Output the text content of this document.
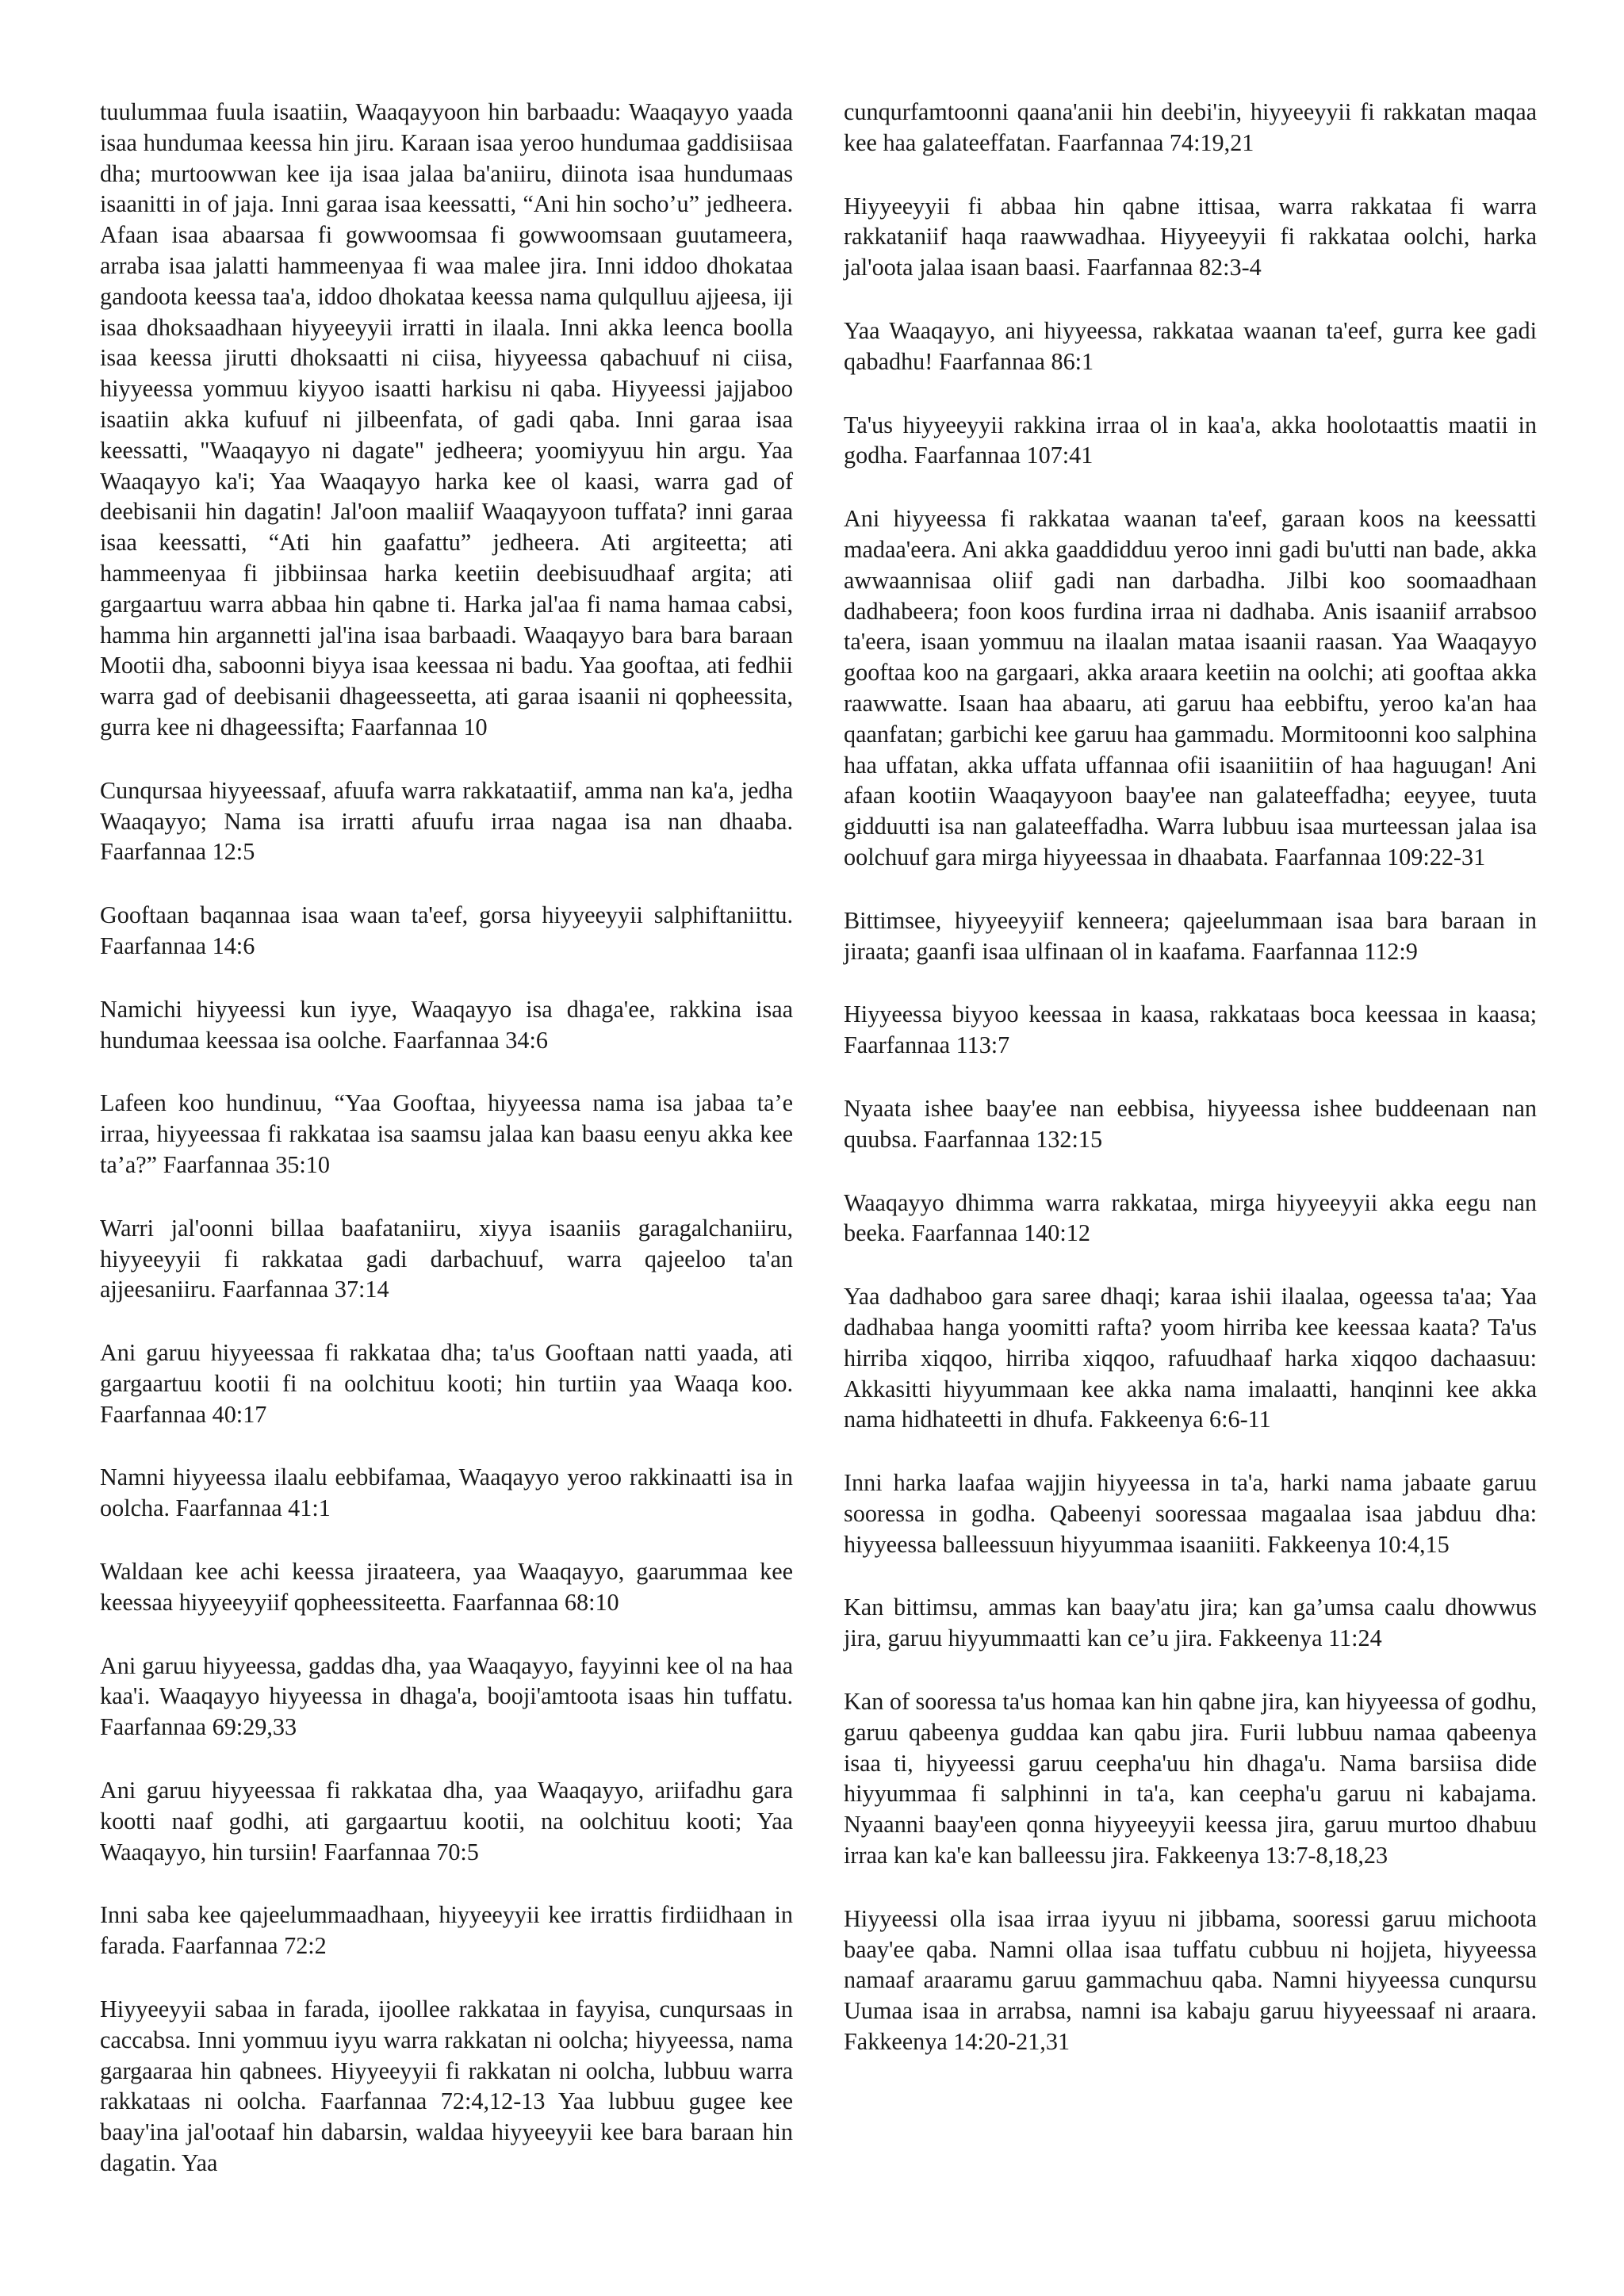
tuulummaa fuula isaatiin, Waaqayyoon hin barbaadu: Waaqayyo yaada isaa hundumaa keessa hin jiru. Karaan isaa yeroo hundumaa gaddisiisaa dha; murtoowwan kee ija isaa jalaa ba'aniiru, diinota isaa hundumaas isaanitti in of jaja. Inni garaa isaa keessatti, “Ani hin socho’u” jedheera. Afaan isaa abaarsaa fi gowwoomsaa fi gowwoomsaan guutameera, arraba isaa jalatti hammeenyaa fi waa malee jira. Inni iddoo dhokataa gandoota keessa taa'a, iddoo dhokataa keessa nama qulqulluu ajjeesa, iji isaa dhoksaadhaan hiyyeeyyii irratti in ilaala. Inni akka leenca boolla isaa keessa jirutti dhoksaatti ni ciisa, hiyyeessa qabachuuf ni ciisa, hiyyeessa yommuu kiyyoo isaatti harkisu ni qaba. Hiyyeessi jajjaboo isaatiin akka kufuuf ni jilbeenfata, of gadi qaba. Inni garaa isaa keessatti, "Waaqayyo ni dagate" jedheera; yoomiyyuu hin argu. Yaa Waaqayyo ka'i; Yaa Waaqayyo harka kee ol kaasi, warra gad of deebisanii hin dagatin! Jal'oon maaliif Waaqayyoon tuffata? inni garaa isaa keessatti, “Ati hin gaafattu” jedheera. Ati argiteetta; ati hammeenyaa fi jibbiinsaa harka keetiin deebisuudhaaf argita; ati gargaartuu warra abbaa hin qabne ti. Harka jal'aa fi nama hamaa cabsi, hamma hin argannetti jal'ina isaa barbaadi. Waaqayyo bara bara baraan Mootii dha, saboonni biyya isaa keessaa ni badu. Yaa gooftaa, ati fedhii warra gad of deebisanii dhageesseetta, ati garaa isaanii ni qopheessita, gurra kee ni dhageessifta; Faarfannaa 10

Cunqursaa hiyyeessaaf, afuufa warra rakkataatiif, amma nan ka'a, jedha Waaqayyo; Nama isa irratti afuufu irraa nagaa isa nan dhaaba. Faarfannaa 12:5

Gooftaan baqannaa isaa waan ta'eef, gorsa hiyyeeyyii salphiftaniittu. Faarfannaa 14:6

Namichi hiyyeessi kun iyye, Waaqayyo isa dhaga'ee, rakkina isaa hundumaa keessaa isa oolche. Faarfannaa 34:6

Lafeen koo hundinuu, “Yaa Gooftaa, hiyyeessa nama isa jabaa ta’e irraa, hiyyeessaa fi rakkataa isa saamsu jalaa kan baasu eenyu akka kee ta’a?” Faarfannaa 35:10

Warri jal'oonni billaa baafataniiru, xiyya isaaniis garagalchaniiru, hiyyeeyyii fi rakkataa gadi darbachuuf, warra qajeeloo ta'an ajjeesaniiru. Faarfannaa 37:14

Ani garuu hiyyeessaa fi rakkataa dha; ta'us Gooftaan natti yaada, ati gargaartuu kootii fi na oolchituu kooti; hin turtiin yaa Waaqa koo. Faarfannaa 40:17

Namni hiyyeessa ilaalu eebbifamaa, Waaqayyo yeroo rakkinaatti isa in oolcha. Faarfannaa 41:1

Waldaan kee achi keessa jiraateera, yaa Waaqayyo, gaarummaa kee keessaa hiyyeeyyiif qopheessiteetta. Faarfannaa 68:10

Ani garuu hiyyeessa, gaddas dha, yaa Waaqayyo, fayyinni kee ol na haa kaa'i. Waaqayyo hiyyeessa in dhaga'a, booji'amtoota isaas hin tuffatu. Faarfannaa 69:29,33

Ani garuu hiyyeessaa fi rakkataa dha, yaa Waaqayyo, ariifadhu gara kootti naaf godhi, ati gargaartuu kootii, na oolchituu kooti; Yaa Waaqayyo, hin tursiin! Faarfannaa 70:5

Inni saba kee qajeelummaadhaan, hiyyeeyyii kee irrattis firdiidhaan in farada. Faarfannaa 72:2

Hiyyeeyyii sabaa in farada, ijoollee rakkataa in fayyisa, cunqursaas in caccabsa. Inni yommuu iyyu warra rakkatan ni oolcha; hiyyeessa, nama gargaaraa hin qabnees. Hiyyeeyyii fi rakkatan ni oolcha, lubbuu warra rakkataas ni oolcha. Faarfannaa 72:4,12-13 Yaa lubbuu gugee kee baay'ina jal'ootaaf hin dabarsin, waldaa hiyyeeyyii kee bara baraan hin dagatin. Yaa

cunqurfamtoonni qaana'anii hin deebi'in, hiyyeeyyii fi rakkatan maqaa kee haa galateeffatan. Faarfannaa 74:19,21

Hiyyeeyyii fi abbaa hin qabne ittisaa, warra rakkataa fi warra rakkataniif haqa raawwadhaa. Hiyyeeyyii fi rakkataa oolchi, harka jal'oota jalaa isaan baasi. Faarfannaa 82:3-4

Yaa Waaqayyo, ani hiyyeessa, rakkataa waanan ta'eef, gurra kee gadi qabadhu! Faarfannaa 86:1

Ta'us hiyyeeyyii rakkina irraa ol in kaa'a, akka hoolotaattis maatii in godha. Faarfannaa 107:41

Ani hiyyeessa fi rakkataa waanan ta'eef, garaan koos na keessatti madaa'eera. Ani akka gaaddidduu yeroo inni gadi bu'utti nan bade, akka awwaannisaa oliif gadi nan darbadha. Jilbi koo soomaadhaan dadhabeera; foon koos furdina irraa ni dadhaba. Anis isaaniif arrabsoo ta'eera, isaan yommuu na ilaalan mataa isaanii raasan. Yaa Waaqayyo gooftaa koo na gargaari, akka araara keetiin na oolchi; ati gooftaa akka raawwatte. Isaan haa abaaru, ati garuu haa eebbiftu, yeroo ka'an haa qaanfatan; garbichi kee garuu haa gammadu. Mormitoonni koo salphina haa uffatan, akka uffata uffannaa ofii isaaniitiin of haa haguugan! Ani afaan kootiin Waaqayyoon baay'ee nan galateeffadha; eeyyee, tuuta gidduutti isa nan galateeffadha. Warra lubbuu isaa murteessan jalaa isa oolchuuf gara mirga hiyyeessaa in dhaabata. Faarfannaa 109:22-31

Bittimsee, hiyyeeyyiif kenneera; qajeelummaan isaa bara baraan in jiraata; gaanfi isaa ulfinaan ol in kaafama. Faarfannaa 112:9

Hiyyeessa biyyoo keessaa in kaasa, rakkataas boca keessaa in kaasa; Faarfannaa 113:7

Nyaata ishee baay'ee nan eebbisa, hiyyeessa ishee buddeenaan nan quubsa. Faarfannaa 132:15

Waaqayyo dhimma warra rakkataa, mirga hiyyeeyyii akka eegu nan beeka. Faarfannaa 140:12

Yaa dadhaboo gara saree dhaqi; karaa ishii ilaalaa, ogeessa ta'aa; Yaa dadhabaa hanga yoomitti rafta? yoom hirriba kee keessaa kaata? Ta'us hirriba xiqqoo, hirriba xiqqoo, rafuudhaaf harka xiqqoo dachaasuu: Akkasitti hiyyummaan kee akka nama imalaatti, hanqinni kee akka nama hidhateetti in dhufa. Fakkeenya 6:6-11

Inni harka laafaa wajjin hiyyeessa in ta'a, harki nama jabaate garuu sooressa in godha. Qabeenyi sooressaa magaalaa isaa jabduu dha: hiyyeessa balleessuun hiyyummaa isaaniiti. Fakkeenya 10:4,15

Kan bittimsu, ammas kan baay'atu jira; kan ga’umsa caalu dhowwus jira, garuu hiyyummaatti kan ce’u jira. Fakkeenya 11:24

Kan of sooressa ta'us homaa kan hin qabne jira, kan hiyyeessa of godhu, garuu qabeenya guddaa kan qabu jira. Furii lubbuu namaa qabeenya isaa ti, hiyyeessi garuu ceepha'uu hin dhaga'u. Nama barsiisa dide hiyyummaa fi salphinni in ta'a, kan ceepha'u garuu ni kabajama. Nyaanni baay'een qonna hiyyeeyyii keessa jira, garuu murtoo dhabuu irraa kan ka'e kan balleessu jira. Fakkeenya 13:7-8,18,23

Hiyyeessi olla isaa irraa iyyuu ni jibbama, sooressi garuu michoota baay'ee qaba. Namni ollaa isaa tuffatu cubbuu ni hojjeta, hiyyeessa namaaf araaramu garuu gammachuu qaba. Namni hiyyeessa cunqursu Uumaa isaa in arrabsa, namni isa kabaju garuu hiyyeessaaf ni araara. Fakkeenya 14:20-21,31
